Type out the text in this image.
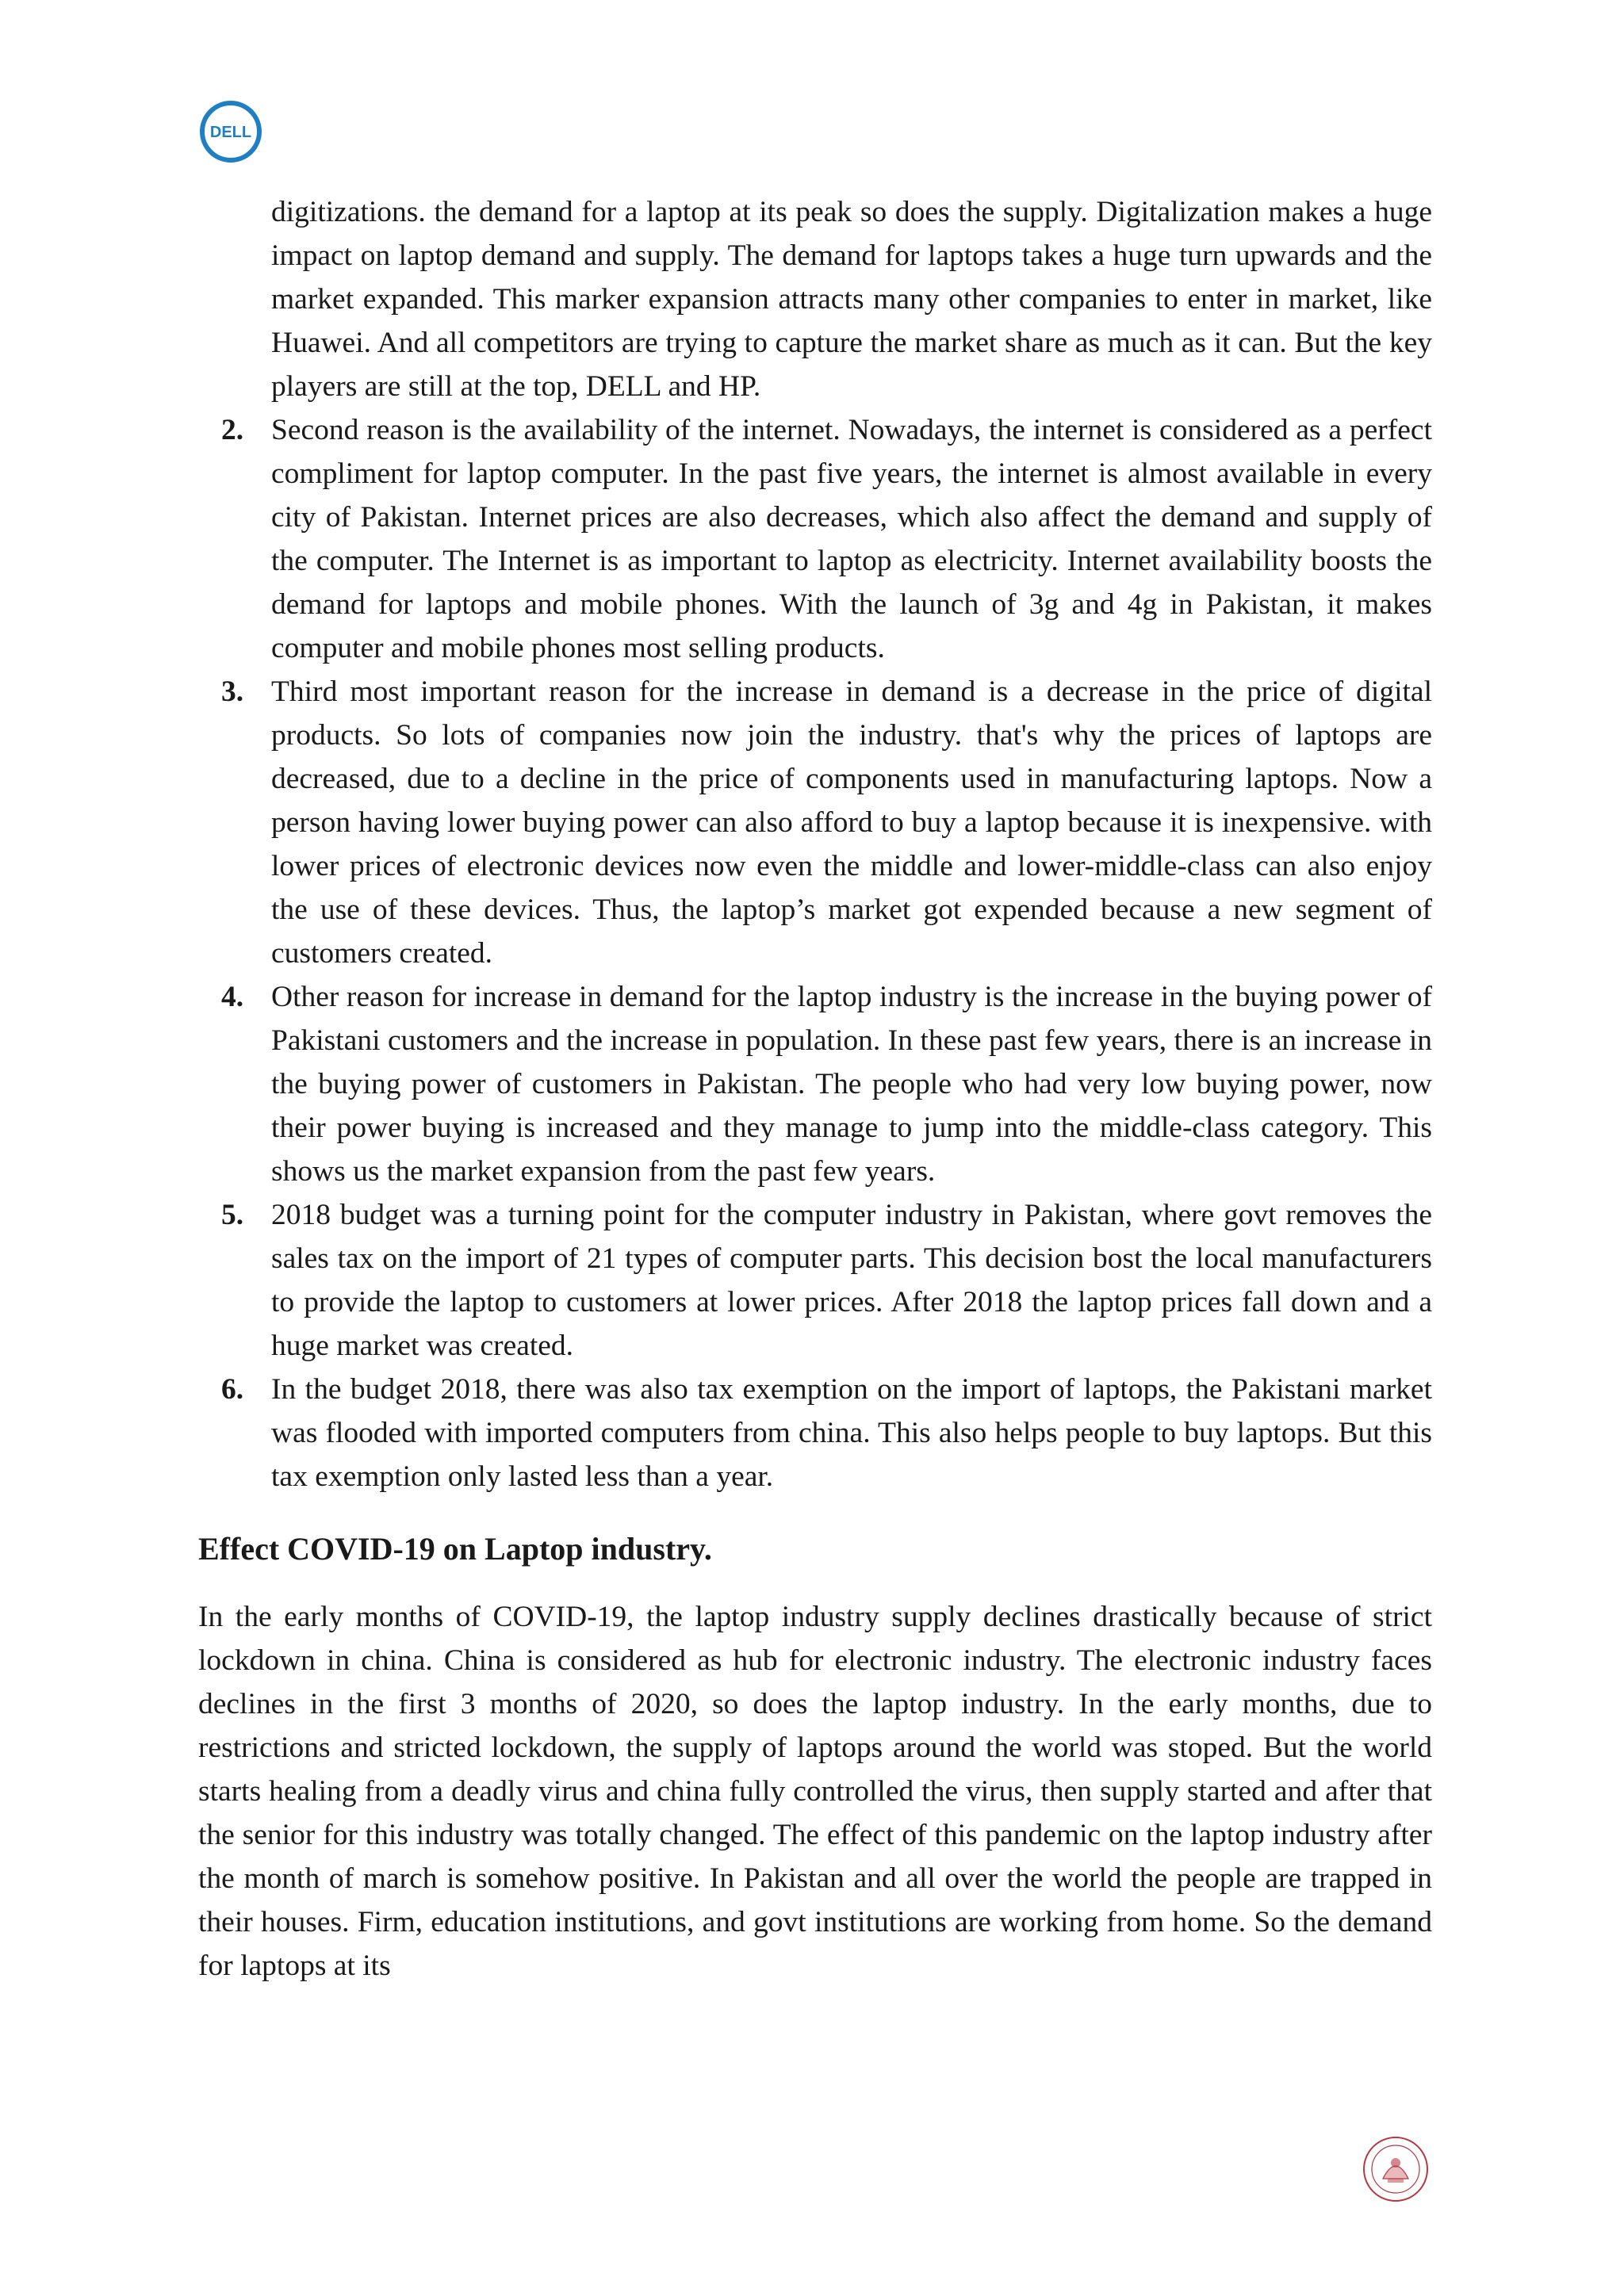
DELL

digitizations. the demand for a laptop at its peak so does the supply. Digitalization makes a huge impact on laptop demand and supply. The demand for laptops takes a huge turn upwards and the market expanded. This marker expansion attracts many other companies to enter in market, like Huawei. And all competitors are trying to capture the market share as much as it can. But the key players are still at the top, DELL and HP.

2. Second reason is the availability of the internet. Nowadays, the internet is considered as a perfect compliment for laptop computer. In the past five years, the internet is almost available in every city of Pakistan. Internet prices are also decreases, which also affect the demand and supply of the computer. The Internet is as important to laptop as electricity. Internet availability boosts the demand for laptops and mobile phones. With the launch of 3g and 4g in Pakistan, it makes computer and mobile phones most selling products.
3. Third most important reason for the increase in demand is a decrease in the price of digital products. So lots of companies now join the industry. that's why the prices of laptops are decreased, due to a decline in the price of components used in manufacturing laptops. Now a person having lower buying power can also afford to buy a laptop because it is inexpensive. with lower prices of electronic devices now even the middle and lower-middle-class can also enjoy the use of these devices. Thus, the laptop’s market got expended because a new segment of customers created.
4. Other reason for increase in demand for the laptop industry is the increase in the buying power of Pakistani customers and the increase in population. In these past few years, there is an increase in the buying power of customers in Pakistan. The people who had very low buying power, now their power buying is increased and they manage to jump into the middle-class category. This shows us the market expansion from the past few years.
5. 2018 budget was a turning point for the computer industry in Pakistan, where govt removes the sales tax on the import of 21 types of computer parts. This decision bost the local manufacturers to provide the laptop to customers at lower prices. After 2018 the laptop prices fall down and a huge market was created.
6. In the budget 2018, there was also tax exemption on the import of laptops, the Pakistani market was flooded with imported computers from china. This also helps people to buy laptops. But this tax exemption only lasted less than a year.
Effect COVID-19 on Laptop industry.

In the early months of COVID-19, the laptop industry supply declines drastically because of strict lockdown in china. China is considered as hub for electronic industry. The electronic industry faces declines in the first 3 months of 2020, so does the laptop industry. In the early months, due to restrictions and stricted lockdown, the supply of laptops around the world was stoped. But the world starts healing from a deadly virus and china fully controlled the virus, then supply started and after that the senior for this industry was totally changed. The effect of this pandemic on the laptop industry after the month of march is somehow positive. In Pakistan and all over the world the people are trapped in their houses. Firm, education institutions, and govt institutions are working from home. So the demand for laptops at its
